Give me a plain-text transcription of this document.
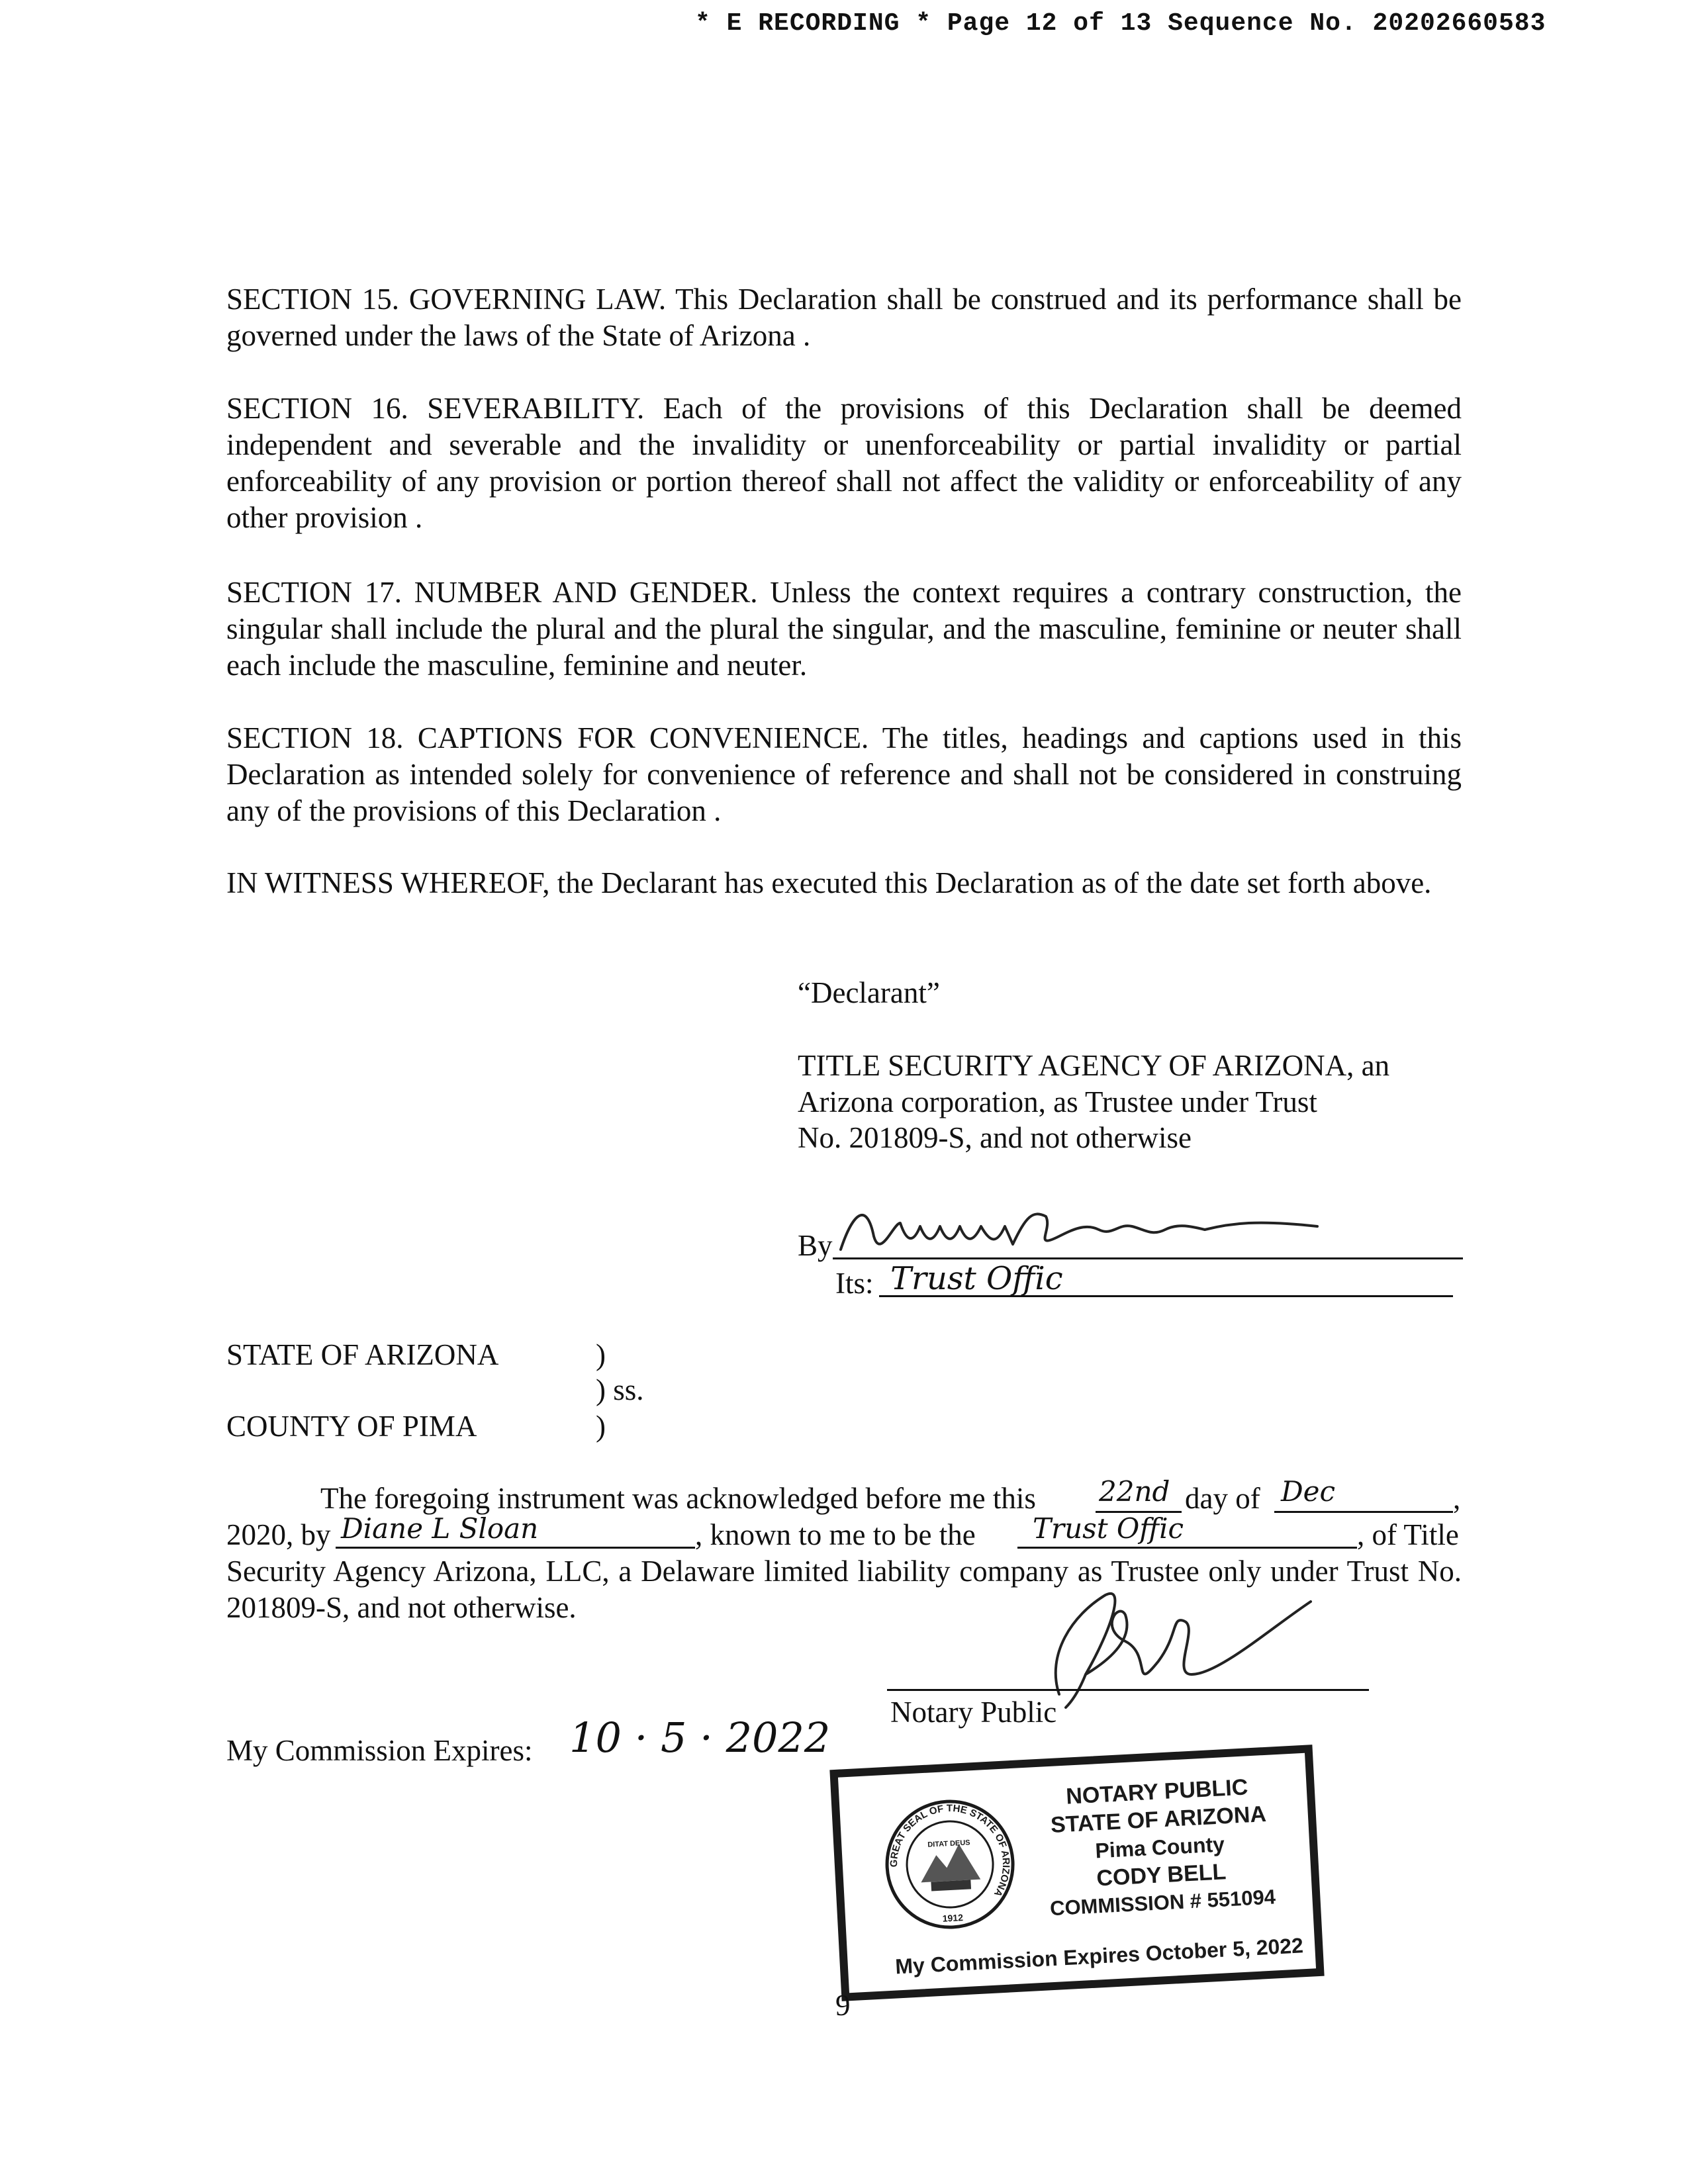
* E RECORDING * Page 12 of 13 Sequence No. 20202660583
SECTION 15. GOVERNING LAW. This Declaration shall be construed and its performance shall be governed under the laws of the State of Arizona .
SECTION 16. SEVERABILITY. Each of the provisions of this Declaration shall be deemed independent and severable and the invalidity or unenforceability or partial invalidity or partial enforceability of any provision or portion thereof shall not affect the validity or enforceability of any other provision .
SECTION 17. NUMBER AND GENDER. Unless the context requires a contrary construction, the singular shall include the plural and the plural the singular, and the masculine, feminine or neuter shall each include the masculine, feminine and neuter.
SECTION 18. CAPTIONS FOR CONVENIENCE. The titles, headings and captions used in this Declaration as intended solely for convenience of reference and shall not be considered in construing any of the provisions of this Declaration .
IN WITNESS WHEREOF, the Declarant has executed this Declaration as of the date set forth above.
“Declarant”
TITLE SECURITY AGENCY OF ARIZONA, an
Arizona corporation, as Trustee under Trust
No. 201809-S, and not otherwise
By
Its: Trust Offic
STATE OF ARIZONA	)
) ss.
COUNTY OF PIMA	)
The foregoing instrument was acknowledged before me this 22nd day of Dec	,
2020, by Diane L Sloan	, known to me to be the Trust Offic	, of Title
Security Agency Arizona, LLC, a Delaware limited liability company as Trustee only under Trust No. 201809-S, and not otherwise.
Notary Public
My Commission Expires: 10 · 5 · 2022
GREAT SEAL OF THE STATE OF ARIZONA
DITAT DEUS
1912
NOTARY PUBLIC
STATE OF ARIZONA
Pima County
CODY BELL
COMMISSION # 551094
My Commission Expires October 5, 2022
9
